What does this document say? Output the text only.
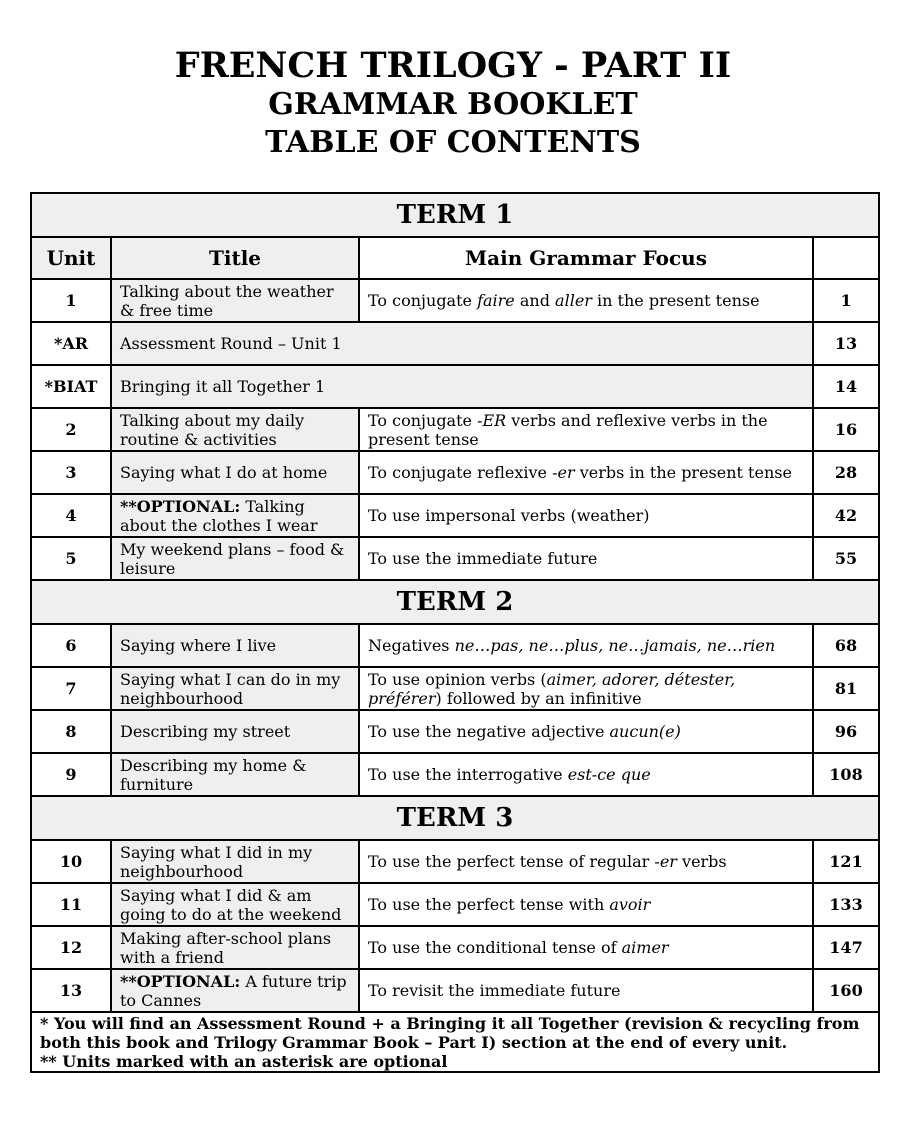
FRENCH TRILOGY - PART II

GRAMMAR BOOKLET

TABLE OF CONTENTS

TERM 1			
Unit	Title	Main Grammar Focus	
1	Talking about the weather & free time	To conjugate faire and aller in the present tense	1
*AR	Assessment Round – Unit 1		13
*BIAT	Bringing it all Together 1		14
2	Talking about my daily routine & activities	To conjugate -ER verbs and reflexive verbs in the present tense	16
3	Saying what I do at home	To conjugate reflexive -er verbs in the present tense	28
4	**OPTIONAL: Talking about the clothes I wear	To use impersonal verbs (weather)	42
5	My weekend plans – food & leisure	To use the immediate future	55
TERM 2			
6	Saying where I live	Negatives ne…pas, ne…plus, ne…jamais, ne…rien	68
7	Saying what I can do in my neighbourhood	To use opinion verbs (aimer, adorer, détester, préférer) followed by an infinitive	81
8	Describing my street	To use the negative adjective aucun(e)	96
9	Describing my home & furniture	To use the interrogative est-ce que	108
TERM 3			
10	Saying what I did in my neighbourhood	To use the perfect tense of regular -er verbs	121
11	Saying what I did & am going to do at the weekend	To use the perfect tense with avoir	133
12	Making after-school plans with a friend	To use the conditional tense of aimer	147
13	**OPTIONAL: A future trip to Cannes	To revisit the immediate future	160

* You will find an Assessment Round + a Bringing it all Together (revision & recycling from both this book and Trilogy Grammar Book – Part I) section at the end of every unit.
** Units marked with an asterisk are optional			
